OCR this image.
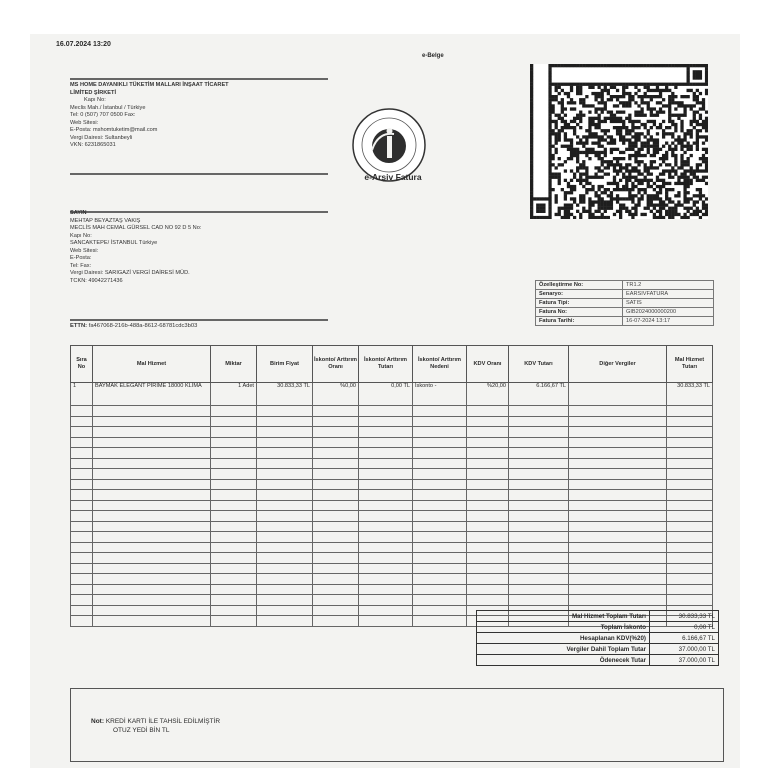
16.07.2024 13:20
e-Belge
MS HOME DAYANIKLI TÜKETİM MALLARI İNŞAAT TİCARET
LİMİTED ŞİRKETİ
Kapı No:
Meclis Mah./ İstanbul / Türkiye
Tel: 0 (507) 707 0500 Fax:
Web Sitesi:
E-Posta: mshomtuketim@mail.com
Vergi Dairesi: Sultanbeyli
VKN: 6231865031
e-Arşiv Fatura
SAYIN
MEHTAP BEYAZTAŞ VAKIŞ
MECLİS MAH CEMAL GÜRSEL CAD NO 92 D 5 No:
Kapı No:
SANCAKTEPE/ İSTANBUL Türkiye
Web Sitesi:
E-Posta:
Tel: Fax:
Vergi Dairesi: SARIGAZİ VERGİ DAİRESİ MÜD.
TCKN: 49042271436
ETTN: fa467068-216b-488a-8612-68781cdc3b03
Özelleştirme No:	TR1.2
Senaryo:	EARSIVFATURA
Fatura Tipi:	SATIS
Fatura No:	GIB2024000000200
Fatura Tarihi:	16-07-2024 13:17
Sıra No	Mal Hizmet	Miktar	Birim Fiyat	İskonto/ Arttırım Oranı	İskonto/ Arttırım Tutarı	İskonto/ Arttırım Nedeni	KDV Oranı	KDV Tutarı	Diğer Vergiler	Mal Hizmet Tutarı
1	BAYMAK ELEGANT PİRİME 18000 KLİMA	1 Adet	30.833,33 TL	%0,00	0,00 TL	İskonto -	%20,00	6.166,67 TL		30.833,33 TL

Mal Hizmet Toplam Tutarı	30.833,33 TL
Toplam İskonto	0,00 TL
Hesaplanan KDV(%20)	6.166,67 TL
Vergiler Dahil Toplam Tutar	37.000,00 TL
Ödenecek Tutar	37.000,00 TL
Not: KREDİ KARTI İLE TAHSİL EDİLMİŞTİR
OTUZ YEDİ BİN TL
